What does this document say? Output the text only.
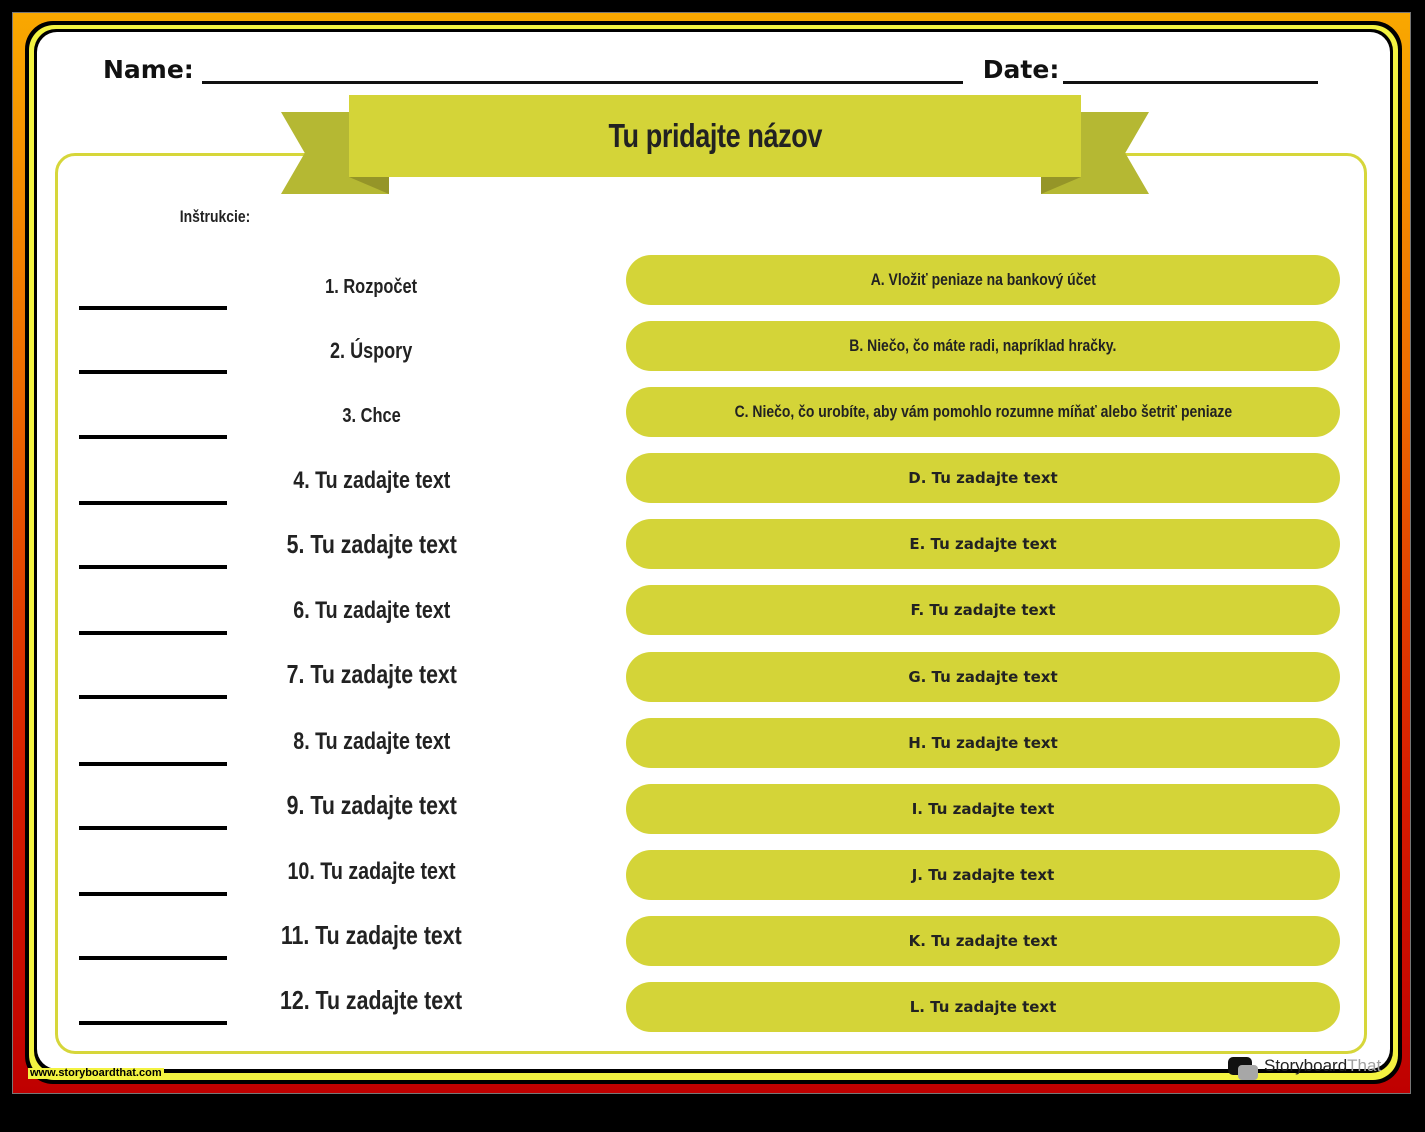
Name:	Date:
Tu pridajte názov
Inštrukcie:
1. Rozpočet
2. Úspory
3. Chce
4. Tu zadajte text
5. Tu zadajte text
6. Tu zadajte text
7. Tu zadajte text
8. Tu zadajte text
9. Tu zadajte text
10. Tu zadajte text
11. Tu zadajte text
12. Tu zadajte text
A. Vložiť peniaze na bankový účet
B. Niečo, čo máte radi, napríklad hračky.
C. Niečo, čo urobíte, aby vám pomohlo rozumne míňať alebo šetriť peniaze
D. Tu zadajte text
E. Tu zadajte text
F. Tu zadajte text
G. Tu zadajte text
H. Tu zadajte text
I. Tu zadajte text
J. Tu zadajte text
K. Tu zadajte text
L. Tu zadajte text
www.storyboardthat.com	StoryboardThat
